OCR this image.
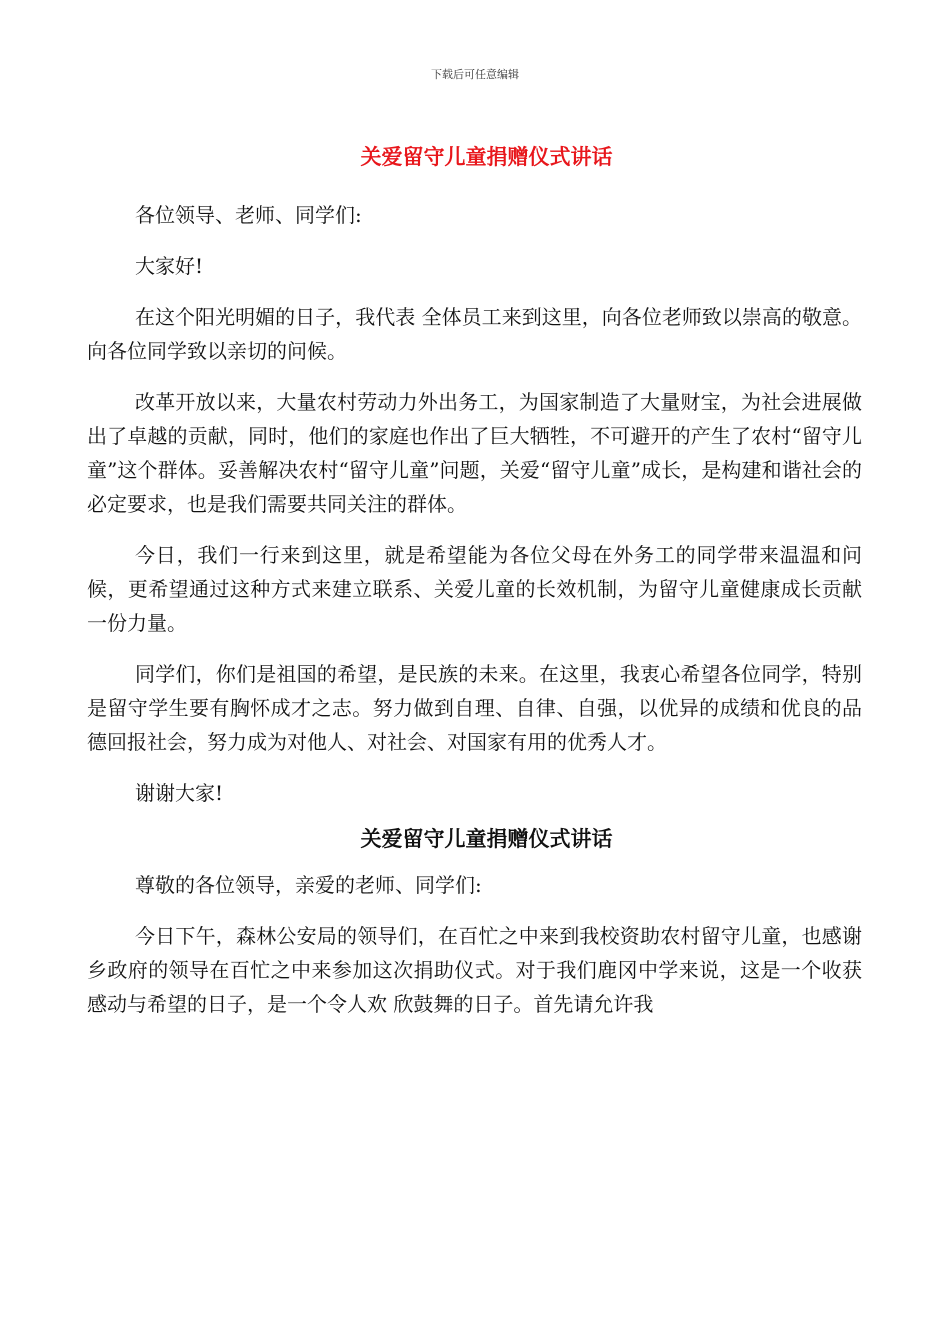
下载后可任意编辑
关爱留守儿童捐赠仪式讲话

各位领导、老师、同学们:

大家好!

在这个阳光明媚的日子，我代表 全体员工来到这里，向各位老师致以崇高的敬意。向各位同学致以亲切的问候。

改革开放以来，大量农村劳动力外出务工，为国家制造了大量财宝，为社会进展做出了卓越的贡献，同时，他们的家庭也作出了巨大牺牲，不可避开的产生了农村“留守儿童”这个群体。妥善解决农村“留守儿童”问题，关爱“留守儿童”成长，是构建和谐社会的必定要求，也是我们需要共同关注的群体。

今日，我们一行来到这里，就是希望能为各位父母在外务工的同学带来温温和问候，更希望通过这种方式来建立联系、关爱儿童的长效机制，为留守儿童健康成长贡献一份力量。

同学们，你们是祖国的希望，是民族的未来。在这里，我衷心希望各位同学，特别是留守学生要有胸怀成才之志。努力做到自理、自律、自强，以优异的成绩和优良的品德回报社会，努力成为对他人、对社会、对国家有用的优秀人才。

谢谢大家!

关爱留守儿童捐赠仪式讲话

尊敬的各位领导，亲爱的老师、同学们:

今日下午，森林公安局的领导们，在百忙之中来到我校资助农村留守儿童，也感谢乡政府的领导在百忙之中来参加这次捐助仪式。对于我们鹿冈中学来说，这是一个收获感动与希望的日子，是一个令人欢 欣鼓舞的日子。首先请允许我
